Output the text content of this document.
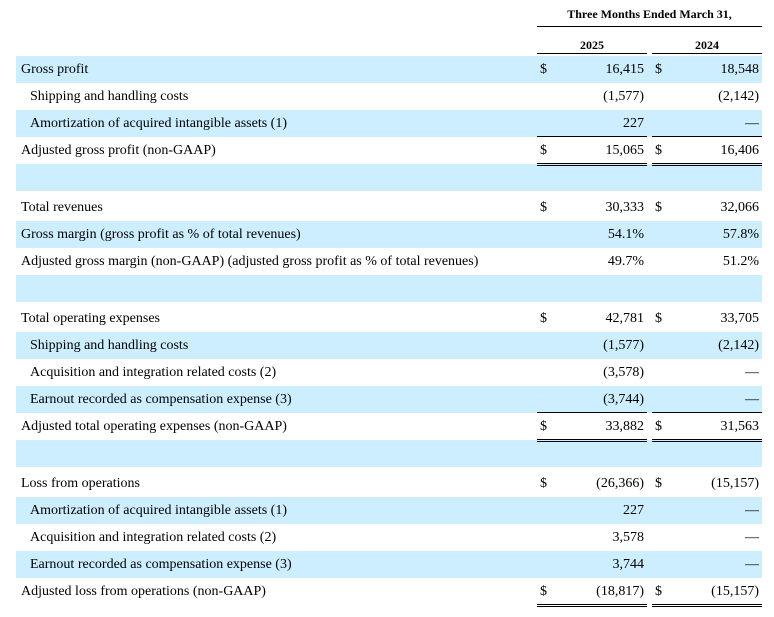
Three Months Ended March 31,
2025	2024
Gross profit	$	16,415 $	18,548
Shipping and handling costs	(1,577)	(2,142)
Amortization of acquired intangible assets (1)	227	—
Adjusted gross profit (non-GAAP)	$	15,065 $	16,406
Total revenues	$	30,333 $	32,066
Gross margin (gross profit as % of total revenues)	54.1%	57.8%
Adjusted gross margin (non-GAAP) (adjusted gross profit as % of total revenues)	49.7%	51.2%
Total operating expenses	$	42,781 $	33,705
Shipping and handling costs	(1,577)	(2,142)
Acquisition and integration related costs (2)	(3,578)	—
Earnout recorded as compensation expense (3)	(3,744)	—
Adjusted total operating expenses (non-GAAP)	$	33,882 $	31,563
Loss from operations	$	(26,366) $	(15,157)
Amortization of acquired intangible assets (1)	227	—
Acquisition and integration related costs (2)	3,578	—
Earnout recorded as compensation expense (3)	3,744	—
Adjusted loss from operations (non-GAAP)	$	(18,817) $	(15,157)
